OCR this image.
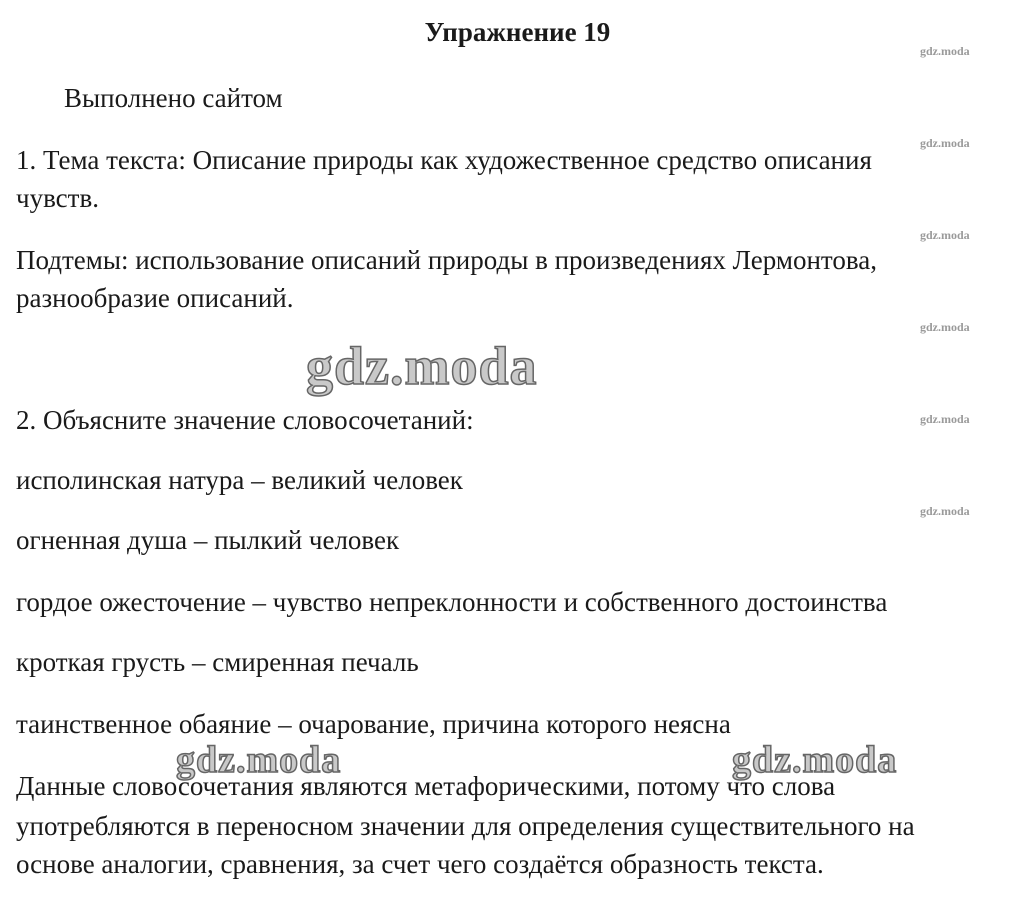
Упражнение 19
gdz.moda
gdz.moda
gdz.moda
gdz.moda
gdz.moda
gdz.moda
Выполнено сайтом
1. Тема текста: Описание природы как художественное средство описания
чувств.
Подтемы: использование описаний природы в произведениях Лермонтова,
разнообразие описаний.
gdz.moda
2. Объясните значение словосочетаний:
исполинская натура – великий человек
огненная душа – пылкий человек
гордое ожесточение – чувство непреклонности и собственного достоинства
кроткая грусть – смиренная печаль
таинственное обаяние – очарование, причина которого неясна
gdz.moda	gdz.moda
Данные словосочетания являются метафорическими, потому что слова
употребляются в переносном значении для определения существительного на
основе аналогии, сравнения, за счет чего создаётся образность текста.
